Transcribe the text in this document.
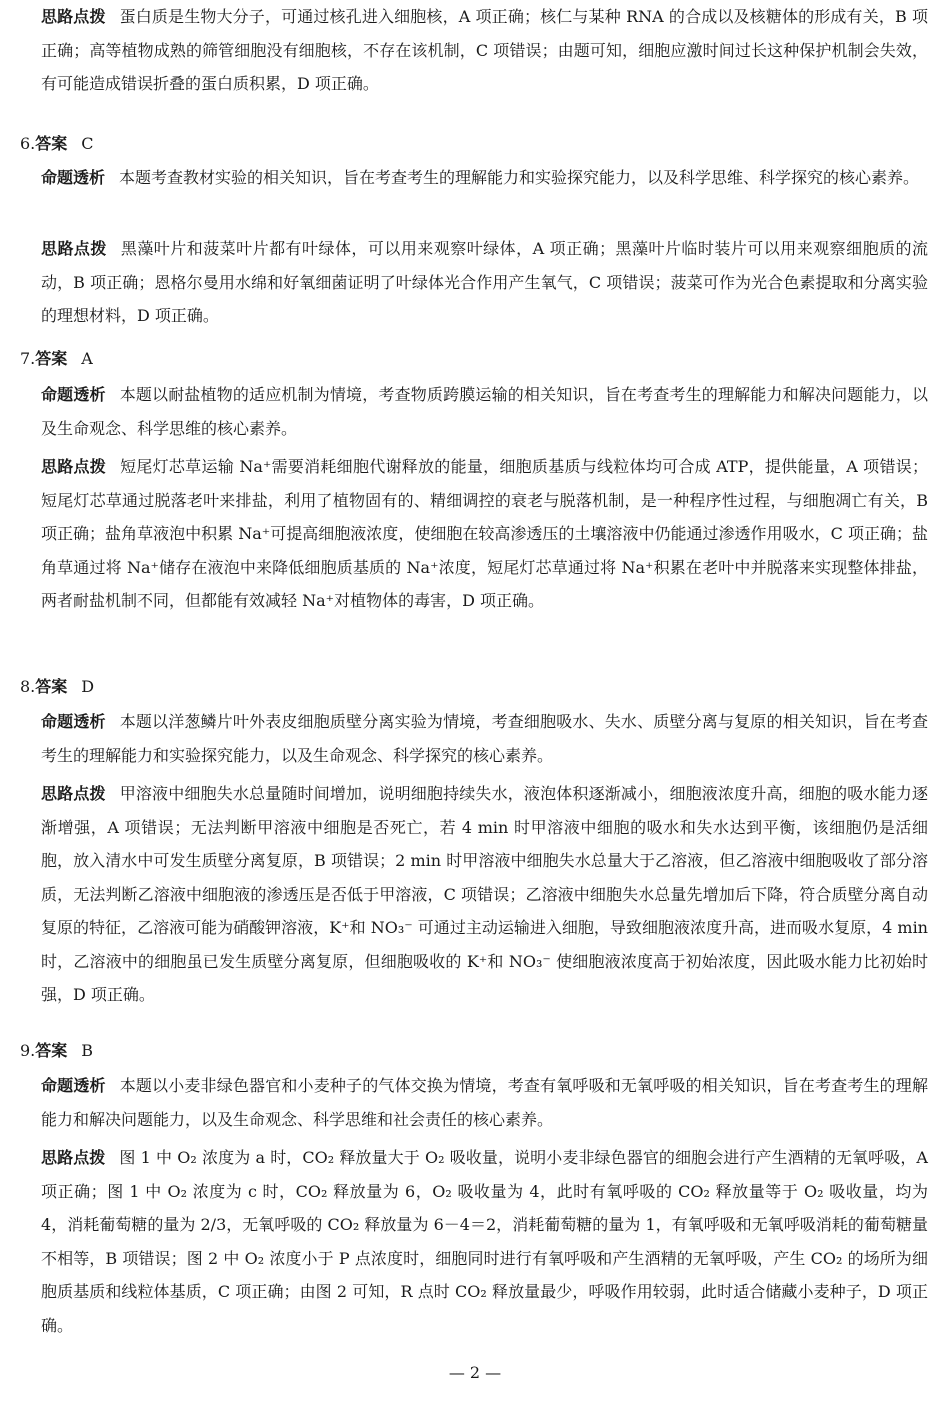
思路点拨 蛋白质是生物大分子，可通过核孔进入细胞核，A 项正确；核仁与某种 RNA 的合成以及核糖体的形成有关，B 项正确；高等植物成熟的筛管细胞没有细胞核，不存在该机制，C 项错误；由题可知，细胞应激时间过长这种保护机制会失效，有可能造成错误折叠的蛋白质积累，D 项正确。
6.答案 C
命题透析 本题考查教材实验的相关知识，旨在考查考生的理解能力和实验探究能力，以及科学思维、科学探究的核心素养。
思路点拨 黑藻叶片和菠菜叶片都有叶绿体，可以用来观察叶绿体，A 项正确；黑藻叶片临时装片可以用来观察细胞质的流动，B 项正确；恩格尔曼用水绵和好氧细菌证明了叶绿体光合作用产生氧气，C 项错误；菠菜可作为光合色素提取和分离实验的理想材料，D 项正确。
7.答案 A
命题透析 本题以耐盐植物的适应机制为情境，考查物质跨膜运输的相关知识，旨在考查考生的理解能力和解决问题能力，以及生命观念、科学思维的核心素养。
思路点拨 短尾灯芯草运输 Na⁺需要消耗细胞代谢释放的能量，细胞质基质与线粒体均可合成 ATP，提供能量，A 项错误；短尾灯芯草通过脱落老叶来排盐，利用了植物固有的、精细调控的衰老与脱落机制，是一种程序性过程，与细胞凋亡有关，B 项正确；盐角草液泡中积累 Na⁺可提高细胞液浓度，使细胞在较高渗透压的土壤溶液中仍能通过渗透作用吸水，C 项正确；盐角草通过将 Na⁺储存在液泡中来降低细胞质基质的 Na⁺浓度，短尾灯芯草通过将 Na⁺积累在老叶中并脱落来实现整体排盐，两者耐盐机制不同，但都能有效减轻 Na⁺对植物体的毒害，D 项正确。
8.答案 D
命题透析 本题以洋葱鳞片叶外表皮细胞质壁分离实验为情境，考查细胞吸水、失水、质壁分离与复原的相关知识，旨在考查考生的理解能力和实验探究能力，以及生命观念、科学探究的核心素养。
思路点拨 甲溶液中细胞失水总量随时间增加，说明细胞持续失水，液泡体积逐渐减小，细胞液浓度升高，细胞的吸水能力逐渐增强，A 项错误；无法判断甲溶液中细胞是否死亡，若 4 min 时甲溶液中细胞的吸水和失水达到平衡，该细胞仍是活细胞，放入清水中可发生质壁分离复原，B 项错误；2 min 时甲溶液中细胞失水总量大于乙溶液，但乙溶液中细胞吸收了部分溶质，无法判断乙溶液中细胞液的渗透压是否低于甲溶液，C 项错误；乙溶液中细胞失水总量先增加后下降，符合质壁分离自动复原的特征，乙溶液可能为硝酸钾溶液，K⁺和 NO₃⁻ 可通过主动运输进入细胞，导致细胞液浓度升高，进而吸水复原，4 min 时，乙溶液中的细胞虽已发生质壁分离复原，但细胞吸收的 K⁺和 NO₃⁻ 使细胞液浓度高于初始浓度，因此吸水能力比初始时强，D 项正确。
9.答案 B
命题透析 本题以小麦非绿色器官和小麦种子的气体交换为情境，考查有氧呼吸和无氧呼吸的相关知识，旨在考查考生的理解能力和解决问题能力，以及生命观念、科学思维和社会责任的核心素养。
思路点拨 图 1 中 O₂ 浓度为 a 时，CO₂ 释放量大于 O₂ 吸收量，说明小麦非绿色器官的细胞会进行产生酒精的无氧呼吸，A 项正确；图 1 中 O₂ 浓度为 c 时，CO₂ 释放量为 6，O₂ 吸收量为 4，此时有氧呼吸的 CO₂ 释放量等于 O₂ 吸收量，均为 4，消耗葡萄糖的量为 2/3，无氧呼吸的 CO₂ 释放量为 6－4＝2，消耗葡萄糖的量为 1，有氧呼吸和无氧呼吸消耗的葡萄糖量不相等，B 项错误；图 2 中 O₂ 浓度小于 P 点浓度时，细胞同时进行有氧呼吸和产生酒精的无氧呼吸，产生 CO₂ 的场所为细胞质基质和线粒体基质，C 项正确；由图 2 可知，R 点时 CO₂ 释放量最少，呼吸作用较弱，此时适合储藏小麦种子，D 项正确。
— 2 —
